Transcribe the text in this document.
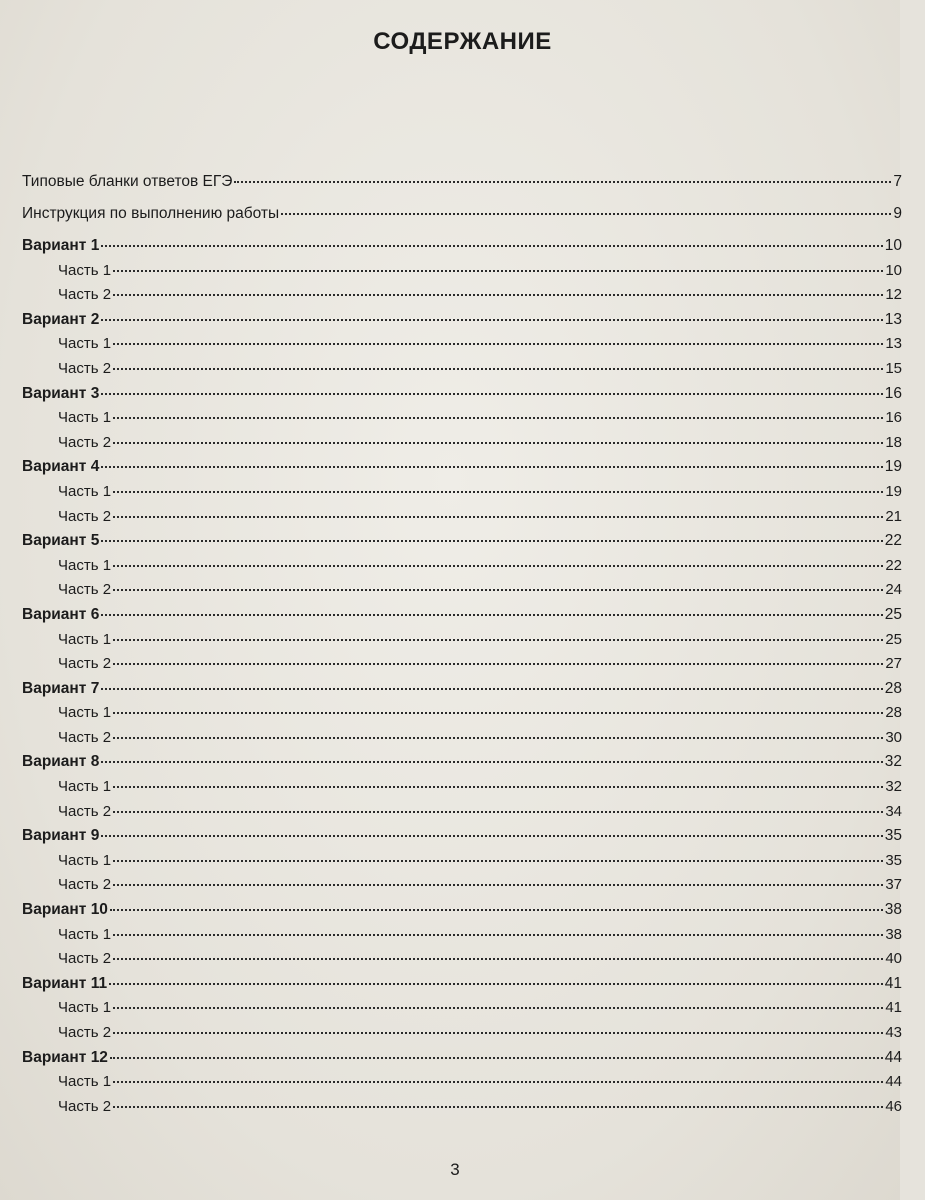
СОДЕРЖАНИЕ
Типовые бланки ответов ЕГЭ	7
Инструкция по выполнению работы	9
Вариант 1	10
Часть 1	10
Часть 2	12
Вариант 2	13
Часть 1	13
Часть 2	15
Вариант 3	16
Часть 1	16
Часть 2	18
Вариант 4	19
Часть 1	19
Часть 2	21
Вариант 5	22
Часть 1	22
Часть 2	24
Вариант 6	25
Часть 1	25
Часть 2	27
Вариант 7	28
Часть 1	28
Часть 2	30
Вариант 8	32
Часть 1	32
Часть 2	34
Вариант 9	35
Часть 1	35
Часть 2	37
Вариант 10	38
Часть 1	38
Часть 2	40
Вариант 11	41
Часть 1	41
Часть 2	43
Вариант 12	44
Часть 1	44
Часть 2	46
3
